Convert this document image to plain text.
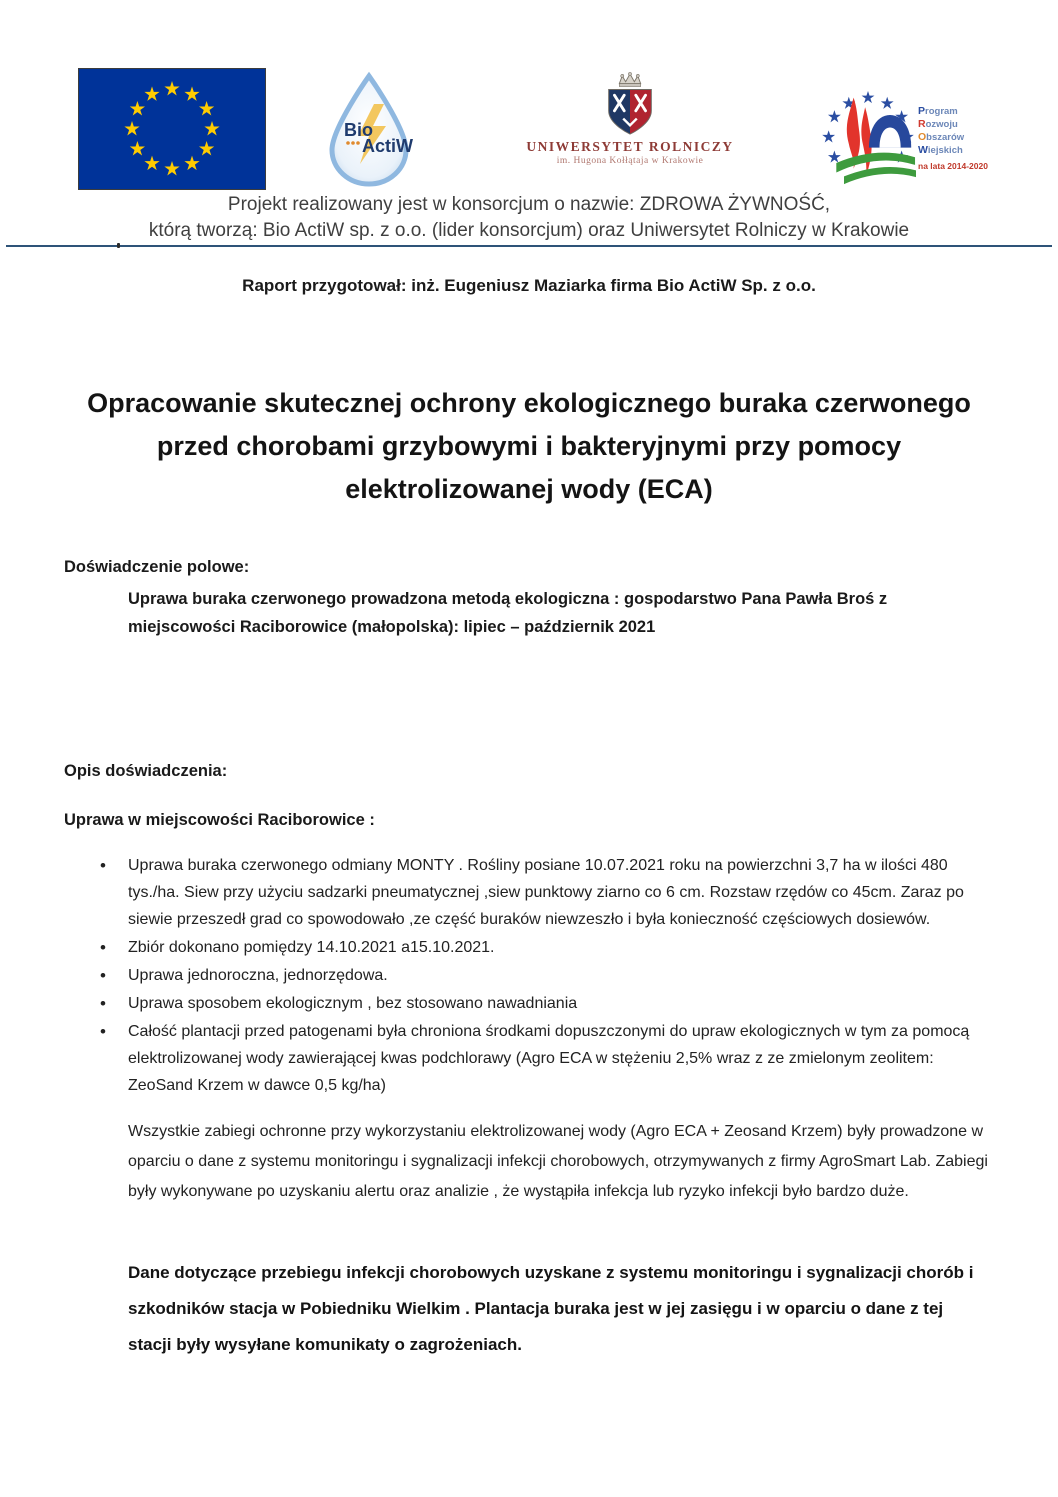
Bio
ActiW	UNIWERSYTET ROLNICZY
im. Hugona Kołłątaja w Krakowie
Program
Rozwoju
Obszarów
Wiejskich
na lata 2014-2020
Projekt realizowany jest w konsorcjum o nazwie: ZDROWA ŻYWNOŚĆ,
którą tworzą: Bio ActiW sp. z o.o. (lider konsorcjum) oraz Uniwersytet Rolniczy w Krakowie
Raport przygotował: inż. Eugeniusz Maziarka firma Bio ActiW Sp. z o.o.
Opracowanie skutecznej ochrony ekologicznego buraka czerwonego przed chorobami grzybowymi i bakteryjnymi przy pomocy elektrolizowanej wody (ECA)
Doświadczenie polowe:
Uprawa buraka czerwonego prowadzona metodą ekologiczna : gospodarstwo Pana Pawła Broś z miejscowości Raciborowice (małopolska): lipiec – październik 2021
Opis doświadczenia:
Uprawa w miejscowości Raciborowice :
• Uprawa buraka czerwonego odmiany MONTY . Rośliny posiane 10.07.2021 roku na powierzchni 3,7 ha w ilości 480 tys./ha. Siew przy użyciu sadzarki pneumatycznej ,siew punktowy ziarno co 6 cm. Rozstaw rzędów co 45cm. Zaraz po siewie przeszedł grad co spowodowało ,ze część buraków niewzeszło i była konieczność częściowych dosiewów.
• Zbiór dokonano pomiędzy 14.10.2021 a15.10.2021.
• Uprawa jednoroczna, jednorzędowa.
• Uprawa sposobem ekologicznym , bez stosowano nawadniania
• Całość plantacji przed patogenami była chroniona środkami dopuszczonymi do upraw ekologicznych w tym za pomocą elektrolizowanej wody zawierającej kwas podchlorawy (Agro ECA w stężeniu 2,5% wraz z ze zmielonym zeolitem: ZeoSand Krzem w dawce 0,5 kg/ha)
Wszystkie zabiegi ochronne przy wykorzystaniu elektrolizowanej wody (Agro ECA + Zeosand Krzem) były prowadzone w oparciu o dane z systemu monitoringu i sygnalizacji infekcji chorobowych, otrzymywanych z firmy AgroSmart Lab. Zabiegi były wykonywane po uzyskaniu alertu oraz analizie , że wystąpiła infekcja lub ryzyko infekcji było bardzo duże.
Dane dotyczące przebiegu infekcji chorobowych uzyskane z systemu monitoringu i sygnalizacji chorób i szkodników stacja w Pobiedniku Wielkim . Plantacja buraka jest w jej zasięgu i w oparciu o dane z tej stacji były wysyłane komunikaty o zagrożeniach.
